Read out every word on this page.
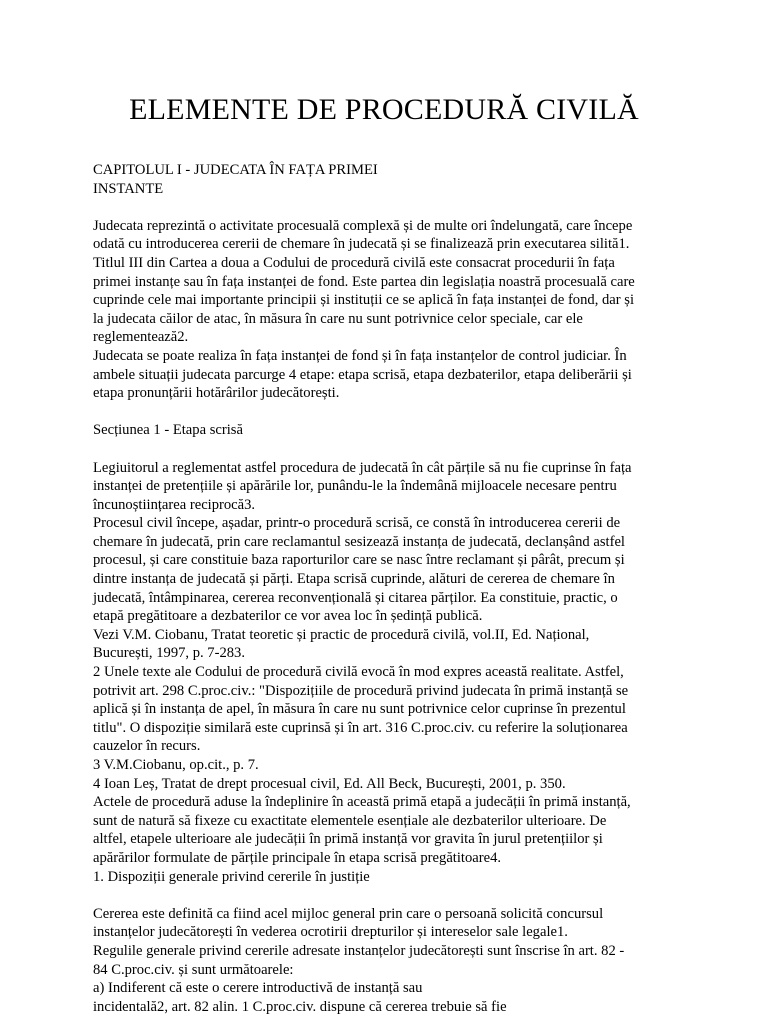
ELEMENTE DE PROCEDURĂ CIVILĂ
CAPITOLUL I - JUDECATA ÎN FAȚA PRIMEI
INSTANTE
Judecata reprezintă o activitate procesuală complexă și de multe ori îndelungată, care începe
odată cu introducerea cererii de chemare în judecată și se finalizează prin executarea silită1.
Titlul III din Cartea a doua a Codului de procedură civilă este consacrat procedurii în fața
primei instanțe sau în fața instanței de fond. Este partea din legislația noastră procesuală care
cuprinde cele mai importante principii și instituții ce se aplică în fața instanței de fond, dar și
la judecata căilor de atac, în măsura în care nu sunt potrivnice celor speciale, car ele
reglementează2.
Judecata se poate realiza în fața instanței de fond și în fața instanțelor de control judiciar. În
ambele situații judecata parcurge 4 etape: etapa scrisă, etapa dezbaterilor, etapa deliberării și
etapa pronunțării hotărârilor judecătorești.
Secțiunea 1 - Etapa scrisă
Legiuitorul a reglementat astfel procedura de judecată în cât părțile să nu fie cuprinse în fața
instanței de pretențiile și apărările lor, punându-le la îndemână mijloacele necesare pentru
încunoștiințarea reciprocă3.
Procesul civil începe, așadar, printr-o procedură scrisă, ce constă în introducerea cererii de
chemare în judecată, prin care reclamantul sesizează instanța de judecată, declanșând astfel
procesul, și care constituie baza raporturilor care se nasc între reclamant și pârât, precum și
dintre instanța de judecată și părți. Etapa scrisă cuprinde, alături de cererea de chemare în
judecată, întâmpinarea, cererea reconvențională și citarea părților. Ea constituie, practic, o
etapă pregătitoare a dezbaterilor ce vor avea loc în ședință publică.
Vezi V.M. Ciobanu, Tratat teoretic și practic de procedură civilă, vol.II, Ed. Național,
București, 1997, p. 7-283.
2 Unele texte ale Codului de procedură civilă evocă în mod expres această realitate. Astfel,
potrivit art. 298 C.proc.civ.: "Dispozițiile de procedură privind judecata în primă instanță se
aplică și în instanța de apel, în măsura în care nu sunt potrivnice celor cuprinse în prezentul
titlu". O dispoziție similară este cuprinsă și în art. 316 C.proc.civ. cu referire la soluționarea
cauzelor în recurs.
3 V.M.Ciobanu, op.cit., p. 7.
4 Ioan Leș, Tratat de drept procesual civil, Ed. All Beck, București, 2001, p. 350.
Actele de procedură aduse la îndeplinire în această primă etapă a judecății în primă instanță,
sunt de natură să fixeze cu exactitate elementele esențiale ale dezbaterilor ulterioare. De
altfel, etapele ulterioare ale judecății în primă instanță vor gravita în jurul pretențiilor și
apărărilor formulate de părțile principale în etapa scrisă pregătitoare4.
1. Dispoziții generale privind cererile în justiție
Cererea este definită ca fiind acel mijloc general prin care o persoană solicită concursul
instanțelor judecătorești în vederea ocrotirii drepturilor și intereselor sale legale1.
Regulile generale privind cererile adresate instanțelor judecătorești sunt înscrise în art. 82 -
84 C.proc.civ. și sunt următoarele:
a) Indiferent că este o cerere introductivă de instanță sau
incidentală2, art. 82 alin. 1 C.proc.civ. dispune că cererea trebuie să fie
